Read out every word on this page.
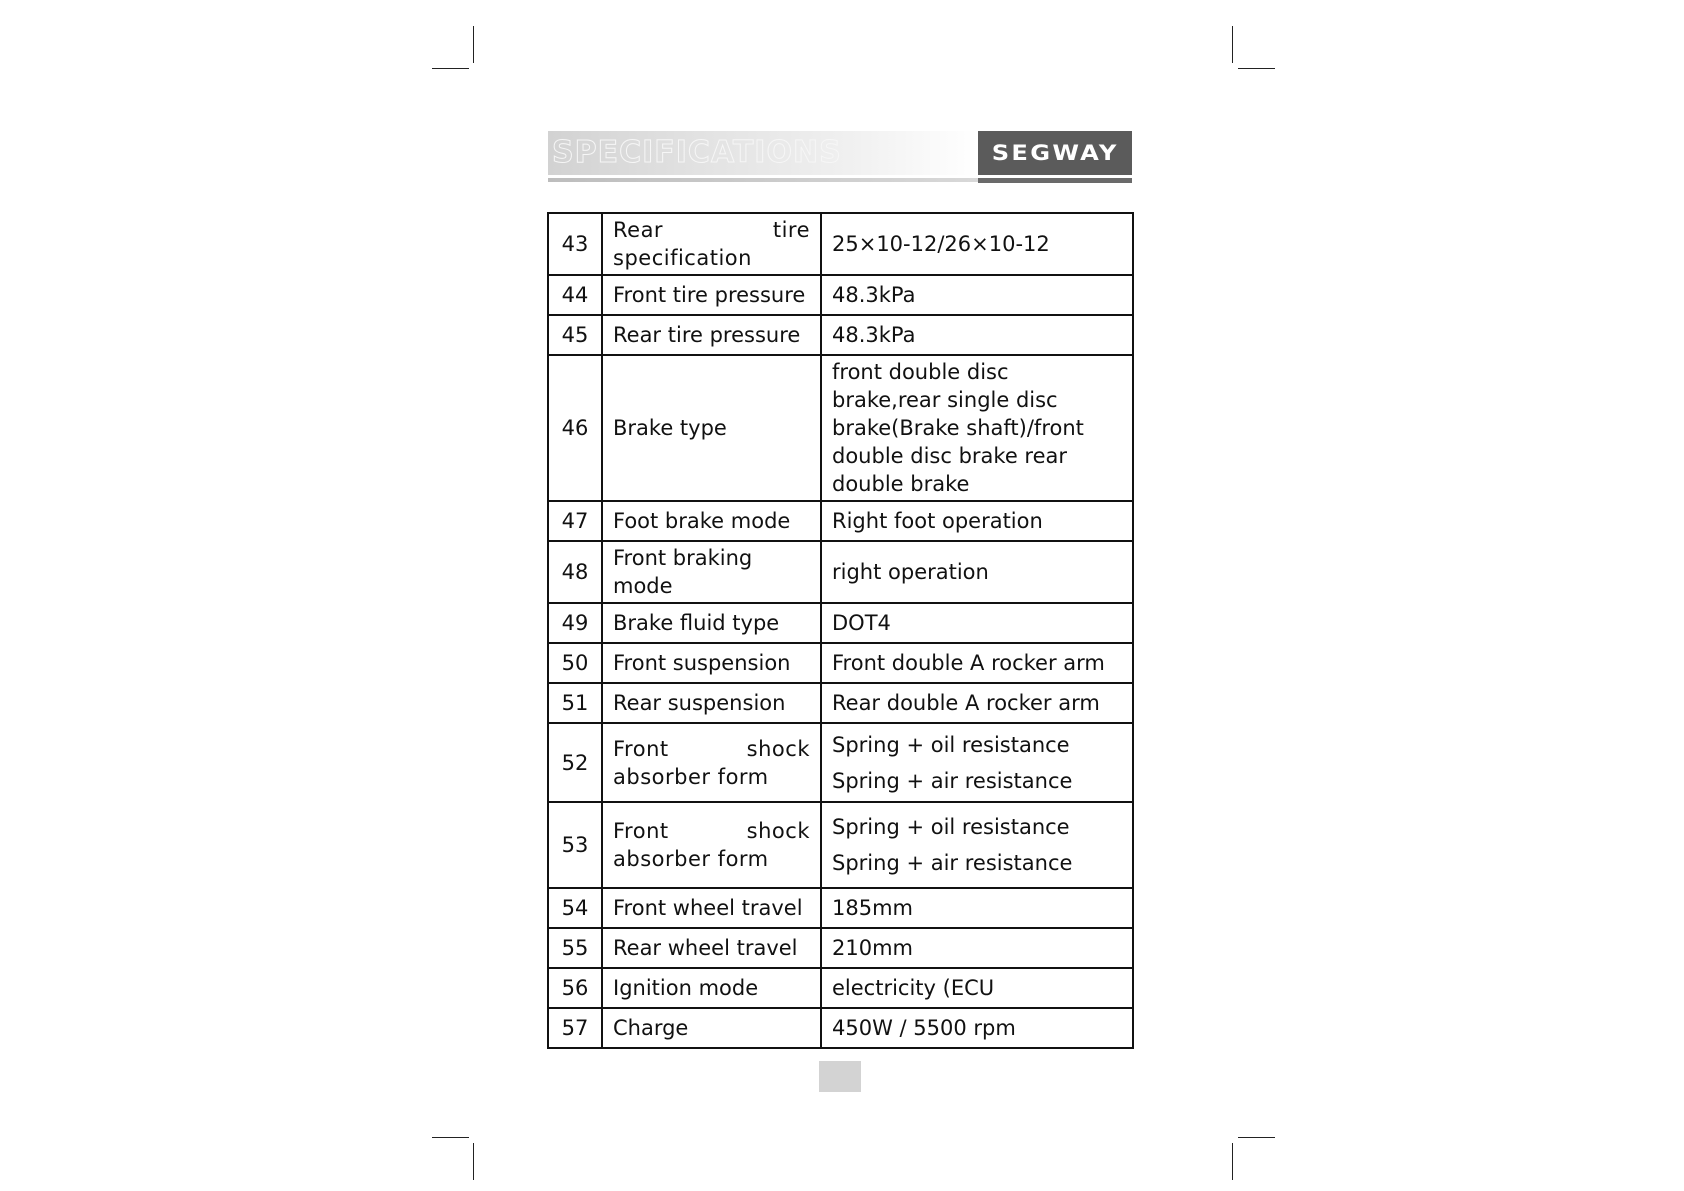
SPECIFICATIONS	SEGWAY
43	Rear tire specification	25×10-12/26×10-12

44	Front tire pressure	48.3kPa

45	Rear tire pressure	48.3kPa

46	Brake type	front double disc brake,rear single disc brake(Brake shaft)/front double disc brake rear double brake

47	Foot brake mode	Right foot operation

48	Front braking mode	right operation

49	Brake fluid type	DOT4

50	Front suspension	Front double A rocker arm

51	Rear suspension	Rear double A rocker arm

52	Front shock absorber form	Spring + oil resistance
Spring + air resistance

53	Front shock absorber form	Spring + oil resistance
Spring + air resistance

54	Front wheel travel	185mm

55	Rear wheel travel	210mm

56	Ignition mode	electricity (ECU

57	Charge	450W / 5500 rpm
